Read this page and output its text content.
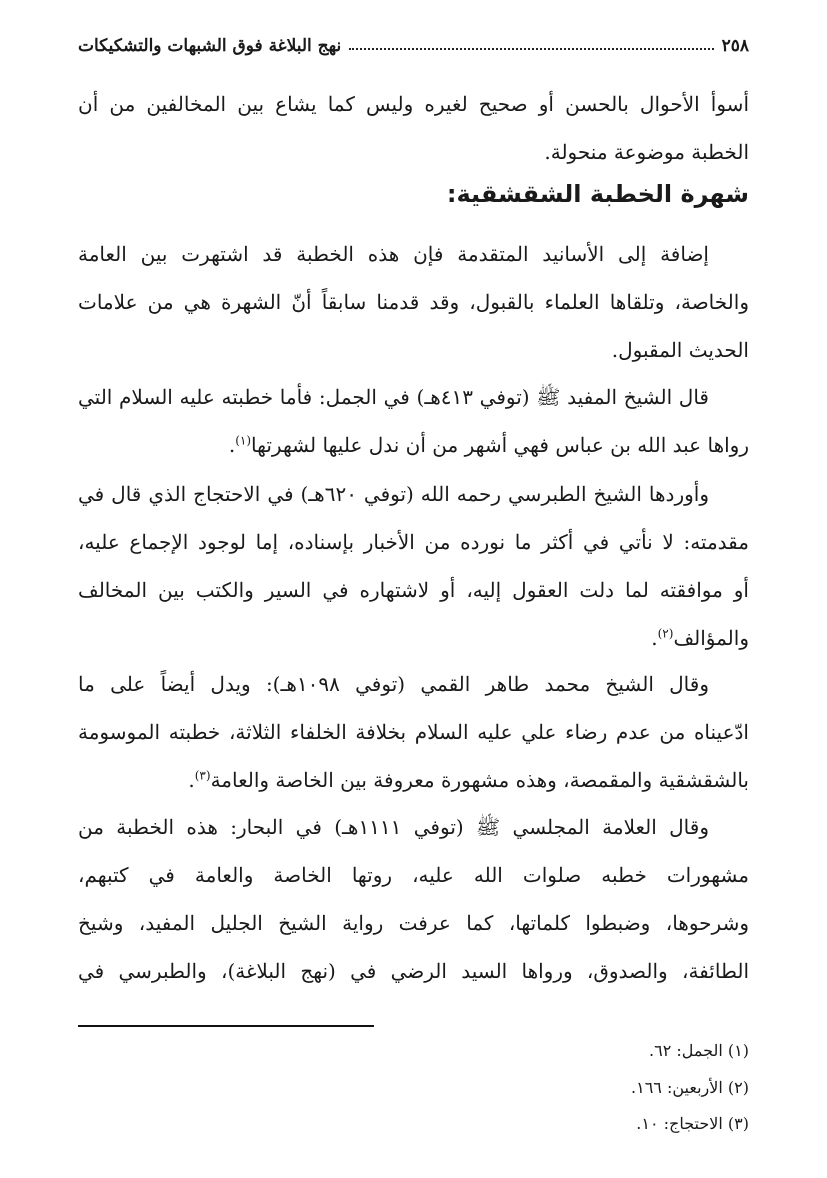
٢٥٨
نهج البلاغة فوق الشبهات والتشكيكات
أسوأ الأحوال بالحسن أو صحيح لغيره وليس كما يشاع بين المخالفين من أن
الخطبة موضوعة منحولة.
شهرة الخطبة الشقشقية:
إضافة إلى الأسانيد المتقدمة فإن هذه الخطبة قد اشتهرت بين العامة
والخاصة، وتلقاها العلماء بالقبول، وقد قدمنا سابقاً أنّ الشهرة هي من علامات
الحديث المقبول.
قال الشيخ المفيد ﷺ (توفي ٤١٣هـ) في الجمل: فأما خطبته عليه السلام التي
رواها عبد الله بن عباس فهي أشهر من أن ندل عليها لشهرتها$^{(١)}$.
وأوردها الشيخ الطبرسي رحمه الله (توفي ٦٢٠هـ) في الاحتجاج الذي قال في
مقدمته: لا نأتي في أكثر ما نورده من الأخبار بإسناده، إما لوجود الإجماع عليه،
أو موافقته لما دلت العقول إليه، أو لاشتهاره في السير والكتب بين المخالف
والمؤالف$^{(٢)}$.
وقال الشيخ محمد طاهر القمي (توفي ١٠٩٨هـ): ويدل أيضاً على ما
ادّعيناه من عدم رضاء علي عليه السلام بخلافة الخلفاء الثلاثة، خطبته الموسومة
بالشقشقية والمقمصة، وهذه مشهورة معروفة بين الخاصة والعامة$^{(٣)}$.
وقال العلامة المجلسي ﷺ (توفي ١١١١هـ) في البحار: هذه الخطبة من
مشهورات خطبه صلوات الله عليه، روتها الخاصة والعامة في كتبهم،
وشرحوها، وضبطوا كلماتها، كما عرفت رواية الشيخ الجليل المفيد، وشيخ
الطائفة، والصدوق، ورواها السيد الرضي في (نهج البلاغة)، والطبرسي في
(١) الجمل: ٦٢.
(٢) الأربعين: ١٦٦.
(٣) الاحتجاج: ١٠.
